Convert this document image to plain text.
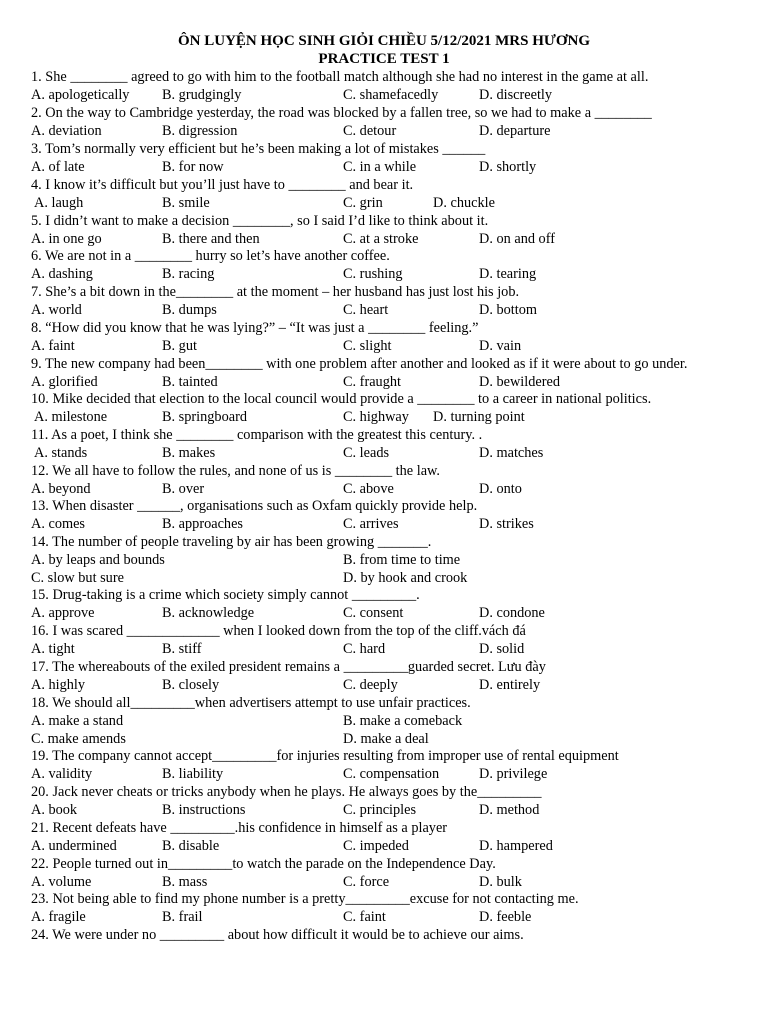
ÔN LUYỆN HỌC SINH GIỎI CHIỀU 5/12/2021 MRS HƯƠNG
PRACTICE TEST 1
1. She ________ agreed to go with him to the football match although she had no interest in the game at all.
A. apologetically B. grudgingly	C. shamefacedly	D. discreetly
2. On the way to Cambridge yesterday, the road was blocked by a fallen tree, so we had to make a ________
A. deviation	B. digression	C. detour	D. departure
3. Tom’s normally very efficient but he’s been making a lot of mistakes ______
A. of late	B. for now	C. in a while	D. shortly
4. I know it’s difficult but you’ll just have to ________ and bear it.
A. laugh	B. smile	C. grin	D. chuckle
5. I didn’t want to make a decision ________, so I said I’d like to think about it.
A. in one go	B. there and then	C. at a stroke	D. on and off
6. We are not in a ________ hurry so let’s have another coffee.
A. dashing	B. racing	C. rushing	D. tearing
7. She’s a bit down in the________ at the moment – her husband has just lost his job.
A. world	B. dumps	C. heart	D. bottom
8. “How did you know that he was lying?” – “It was just a ________ feeling.”
A. faint	B. gut	C. slight	D. vain
9. The new company had been________ with one problem after another and looked as if it were about to go under.
A. glorified	B. tainted	C. fraught	D. bewildered
10. Mike decided that election to the local council would provide a ________ to a career in national politics.
A. milestone	B. springboard	C. highway D. turning point
11. As a poet, I think she ________ comparison with the greatest this century. .
A. stands	B. makes	C. leads	D. matches
12. We all have to follow the rules, and none of us is ________ the law.
A. beyond	B. over	C. above	D. onto
13. When disaster ______, organisations such as Oxfam quickly provide help.
A. comes	B. approaches	C. arrives	D. strikes
14. The number of people traveling by air has been growing _______.
A. by leaps and bounds	B. from time to time
C. slow but sure	D. by hook and crook
15. Drug-taking is a crime which society simply cannot _________.
A. approve	B. acknowledge	C. consent	D. condone
16. I was scared _____________ when I looked down from the top of the cliff.vách đá
A. tight	B. stiff	C. hard	D. solid
17. The whereabouts of the exiled president remains a _________guarded secret. Lưu đày
A. highly	B. closely	C. deeply	D. entirely
18. We should all_________when advertisers attempt to use unfair practices.
A. make a stand	B. make a comeback
C. make amends	D. make a deal
19. The company cannot accept_________for injuries resulting from improper use of rental equipment
A. validity	B. liability	C. compensation	D. privilege
20. Jack never cheats or tricks anybody when he plays. He always goes by the_________
A. book	B. instructions	C. principles	D. method
21. Recent defeats have _________.his confidence in himself as a player
A. undermined	B. disable	C. impeded	D. hampered
22. People turned out in_________to watch the parade on the Independence Day.
A. volume	B. mass	C. force	D. bulk
23. Not being able to find my phone number is a pretty_________excuse for not contacting me.
A. fragile	B. frail	C. faint	D. feeble
24. We were under no _________ about how difficult it would be to achieve our aims.
